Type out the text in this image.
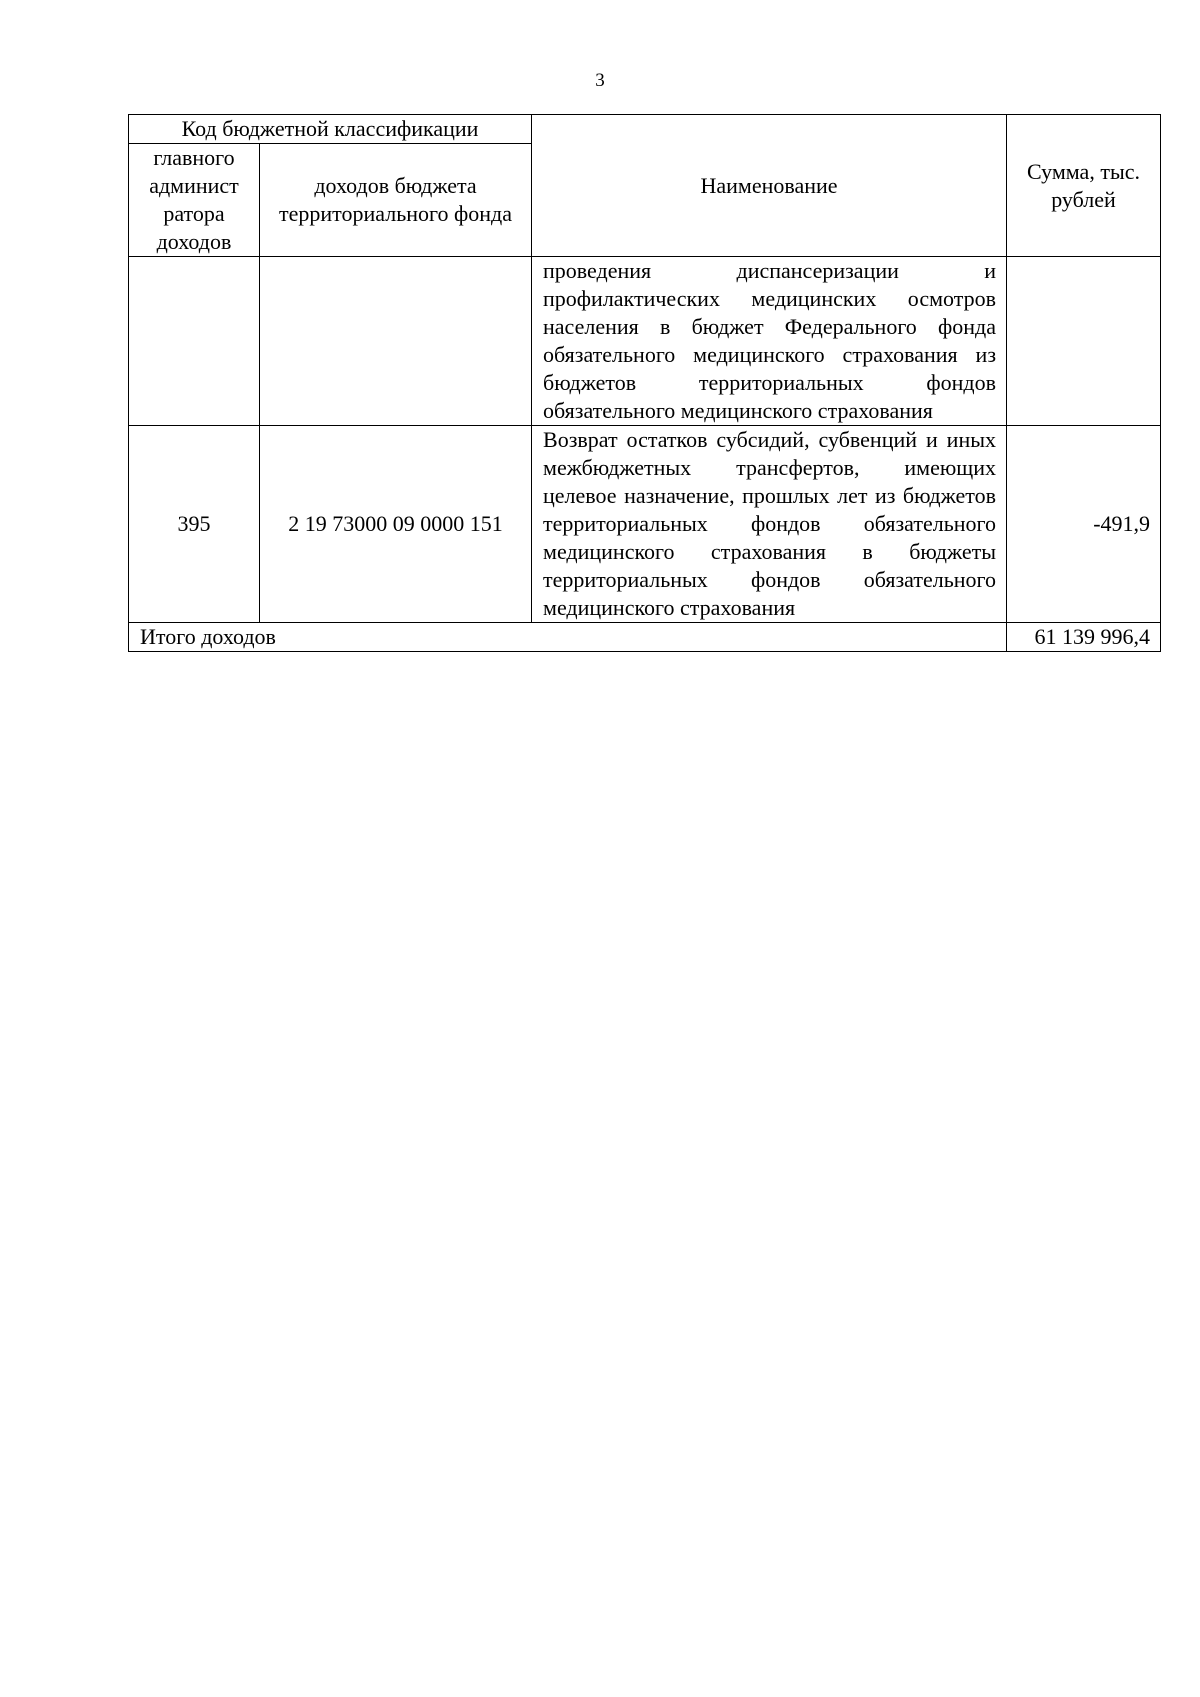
3
Код бюджетной классификации		Наименование	Сумма, тыс. рублей

главного админист ратора доходов	доходов бюджета территориального фонда		

		проведения диспансеризации и профилактических медицинских осмотров населения в бюджет Федерального фонда обязательного медицинского страхования из бюджетов территориальных фондов обязательного медицинского страхования	
395	2 19 73000 09 0000 151	Возврат остатков субсидий, субвенций и иных межбюджетных трансфертов, имеющих целевое назначение, прошлых лет из бюджетов территориальных фондов обязательного медицинского страхования в бюджеты территориальных фондов обязательного медицинского страхования	-491,9
Итого доходов			61 139 996,4
